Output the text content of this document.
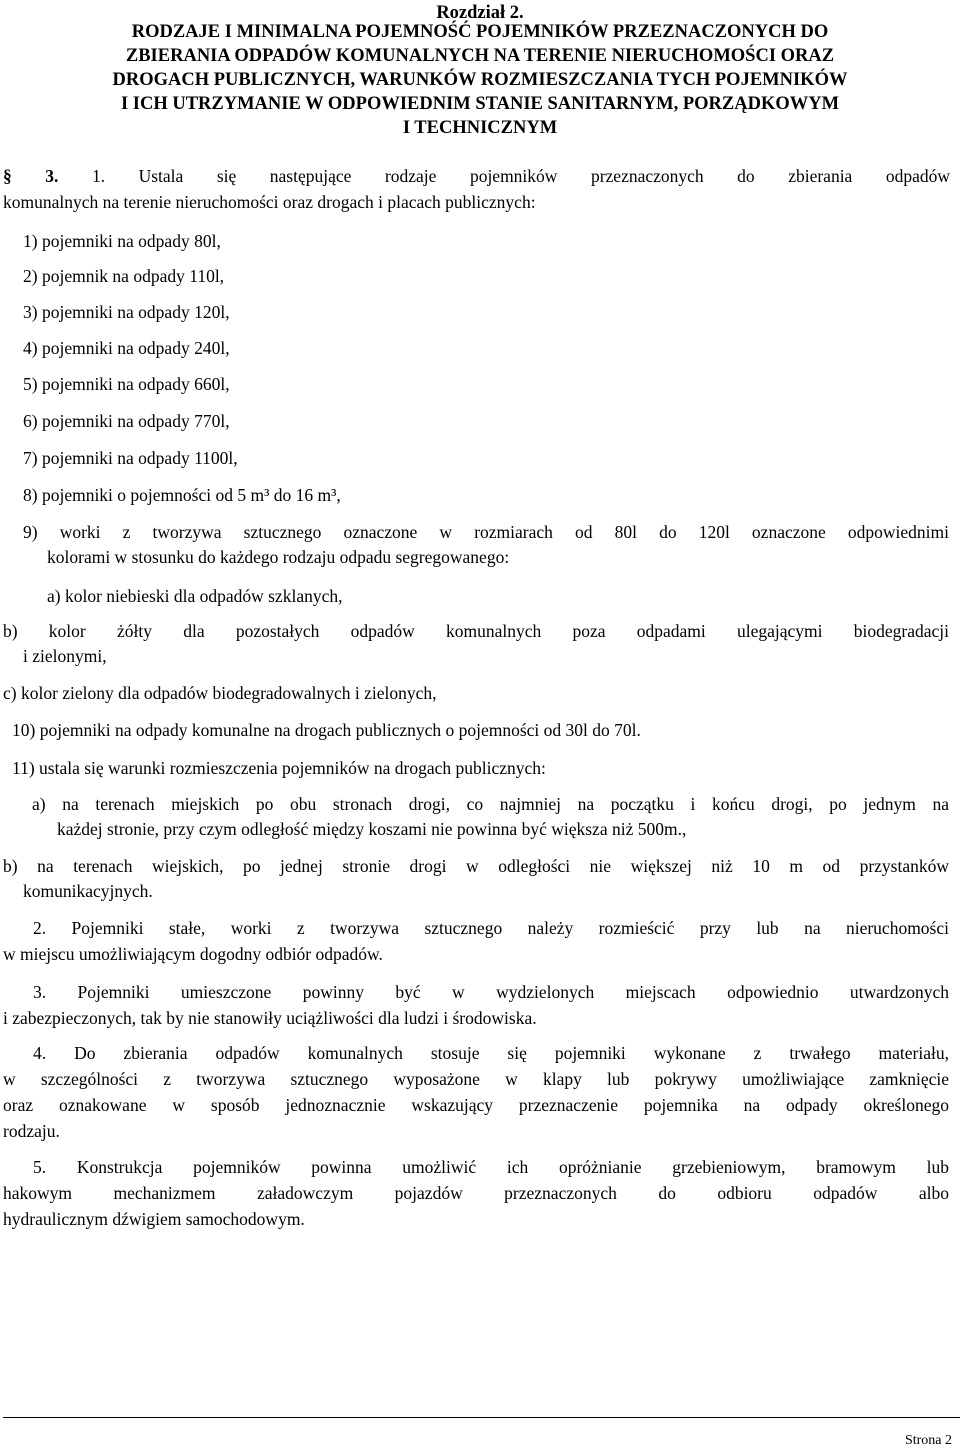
Rozdział 2.
RODZAJE I MINIMALNA POJEMNOŚĆ POJEMNIKÓW PRZEZNACZONYCH DO
ZBIERANIA ODPADÓW KOMUNALNYCH NA TERENIE NIERUCHOMOŚCI ORAZ
DROGACH PUBLICZNYCH, WARUNKÓW ROZMIESZCZANIA TYCH POJEMNIKÓW
I ICH UTRZYMANIE W ODPOWIEDNIM STANIE SANITARNYM, PORZĄDKOWYM
I TECHNICZNYM
§ 3. 1. Ustala się następujące rodzaje pojemników przeznaczonych do zbierania odpadów
komunalnych na terenie nieruchomości oraz drogach i placach publicznych:
1) pojemniki na odpady 80l,
2) pojemnik na odpady 110l,
3) pojemniki na odpady 120l,
4) pojemniki na odpady 240l,
5) pojemniki na odpady 660l,
6) pojemniki na odpady 770l,
7) pojemniki na odpady 1100l,
8) pojemniki o pojemności od 5 m³ do 16 m³,
9) worki z tworzywa sztucznego oznaczone w rozmiarach od 80l do 120l oznaczone odpowiednimi
kolorami w stosunku do każdego rodzaju odpadu segregowanego:
a) kolor niebieski dla odpadów szklanych,
b) kolor żółty dla pozostałych odpadów komunalnych poza odpadami ulegającymi biodegradacji
i zielonymi,
c) kolor zielony dla odpadów biodegradowalnych i zielonych,
10) pojemniki na odpady komunalne na drogach publicznych o pojemności od 30l do 70l.
11) ustala się warunki rozmieszczenia pojemników na drogach publicznych:
a) na terenach miejskich po obu stronach drogi, co najmniej na początku i końcu drogi, po jednym na
każdej stronie, przy czym odległość między koszami nie powinna być większa niż 500m.,
b) na terenach wiejskich, po jednej stronie drogi w odległości nie większej niż 10 m od przystanków
komunikacyjnych.
2. Pojemniki stałe, worki z tworzywa sztucznego należy rozmieścić przy lub na nieruchomości
w miejscu umożliwiającym dogodny odbiór odpadów.
3. Pojemniki umieszczone powinny być w wydzielonych miejscach odpowiednio utwardzonych
i zabezpieczonych, tak by nie stanowiły uciążliwości dla ludzi i środowiska.
4. Do zbierania odpadów komunalnych stosuje się pojemniki wykonane z trwałego materiału,
w szczególności z tworzywa sztucznego wyposażone w klapy lub pokrywy umożliwiające zamknięcie
oraz oznakowane w sposób jednoznacznie wskazujący przeznaczenie pojemnika na odpady określonego
rodzaju.
5. Konstrukcja pojemników powinna umożliwić ich opróżnianie grzebieniowym, bramowym lub
hakowym mechanizmem załadowczym pojazdów przeznaczonych do odbioru odpadów albo
hydraulicznym dźwigiem samochodowym.
Strona 2
